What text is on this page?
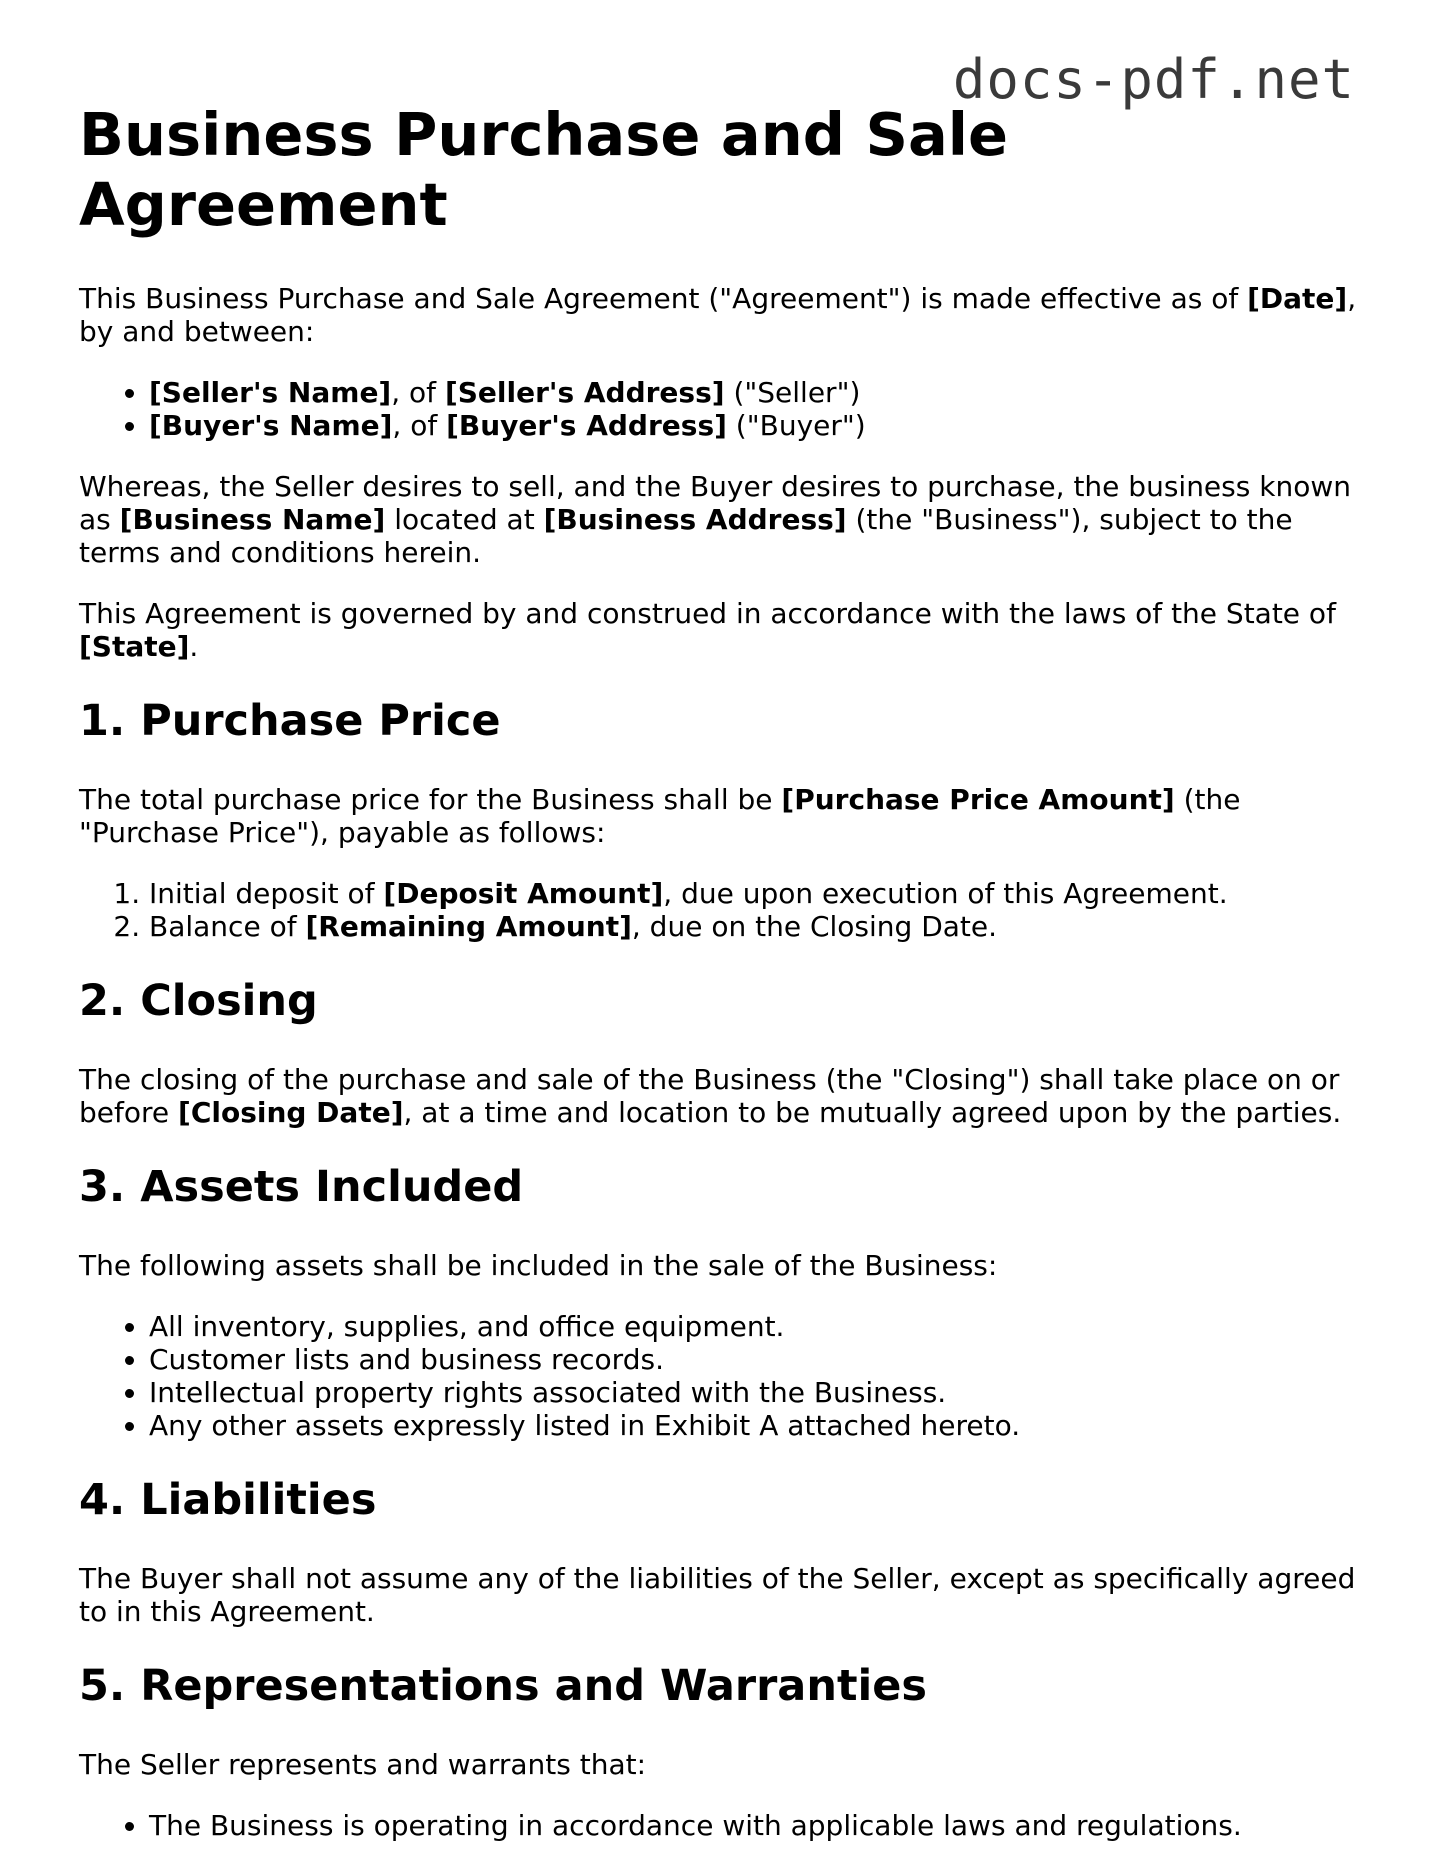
docs-pdf.net
Business Purchase and Sale Agreement

This Business Purchase and Sale Agreement ("Agreement") is made effective as of [Date], by and between:

• [Seller's Name], of [Seller's Address] ("Seller")
• [Buyer's Name], of [Buyer's Address] ("Buyer")

Whereas, the Seller desires to sell, and the Buyer desires to purchase, the business known as [Business Name] located at [Business Address] (the "Business"), subject to the terms and conditions herein.

This Agreement is governed by and construed in accordance with the laws of the State of [State].

1. Purchase Price

The total purchase price for the Business shall be [Purchase Price Amount] (the "Purchase Price"), payable as follows:

1. Initial deposit of [Deposit Amount], due upon execution of this Agreement.
2. Balance of [Remaining Amount], due on the Closing Date.
2. Closing

The closing of the purchase and sale of the Business (the "Closing") shall take place on or before [Closing Date], at a time and location to be mutually agreed upon by the parties.

3. Assets Included

The following assets shall be included in the sale of the Business:

• All inventory, supplies, and office equipment.
• Customer lists and business records.
• Intellectual property rights associated with the Business.
• Any other assets expressly listed in Exhibit A attached hereto.
4. Liabilities

The Buyer shall not assume any of the liabilities of the Seller, except as specifically agreed to in this Agreement.

5. Representations and Warranties

The Seller represents and warrants that:

• The Business is operating in accordance with applicable laws and regulations.
